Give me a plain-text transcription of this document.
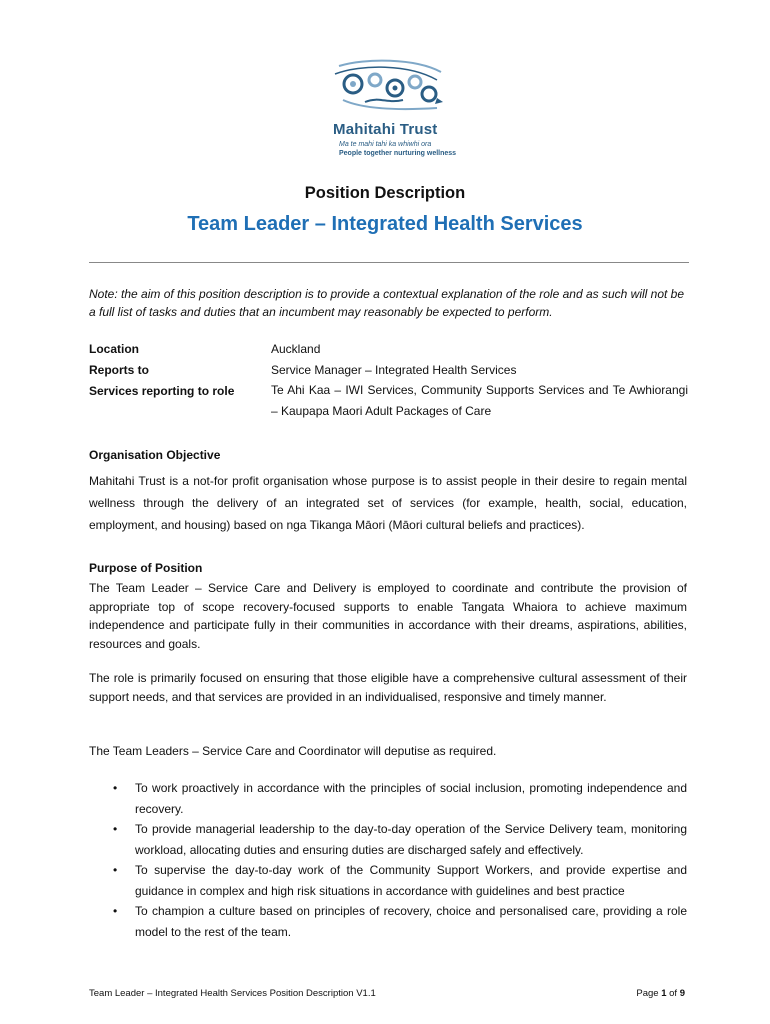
Mahitahi Trust
Ma te mahi tahi ka whiwhi ora
People together nurturing wellness
Position Description
Team Leader – Integrated Health Services
Note: the aim of this position description is to provide a contextual explanation of the role and as such will not be a full list of tasks and duties that an incumbent may reasonably be expected to perform.
Location	Auckland
Reports to	Service Manager – Integrated Health Services
Services reporting to role	Te Ahi Kaa – IWI Services, Community Supports Services and Te Awhiorangi – Kaupapa Maori Adult Packages of Care
Organisation Objective
Mahitahi Trust is a not-for profit organisation whose purpose is to assist people in their desire to regain mental wellness through the delivery of an integrated set of services (for example, health, social, education, employment, and housing) based on nga Tikanga Māori (Māori cultural beliefs and practices).
Purpose of Position
The Team Leader – Service Care and Delivery is employed to coordinate and contribute the provision of appropriate top of scope recovery-focused supports to enable Tangata Whaiora to achieve maximum independence and participate fully in their communities in accordance with their dreams, aspirations, abilities, resources and goals.
The role is primarily focused on ensuring that those eligible have a comprehensive cultural assessment of their support needs, and that services are provided in an individualised, responsive and timely manner.
The Team Leaders – Service Care and Coordinator will deputise as required.
• To work proactively in accordance with the principles of social inclusion, promoting independence and recovery.
• To provide managerial leadership to the day-to-day operation of the Service Delivery team, monitoring workload, allocating duties and ensuring duties are discharged safely and effectively.
• To supervise the day-to-day work of the Community Support Workers, and provide expertise and guidance in complex and high risk situations in accordance with guidelines and best practice
• To champion a culture based on principles of recovery, choice and personalised care, providing a role model to the rest of the team.
Team Leader – Integrated Health Services Position Description V1.1	Page 1 of 9
